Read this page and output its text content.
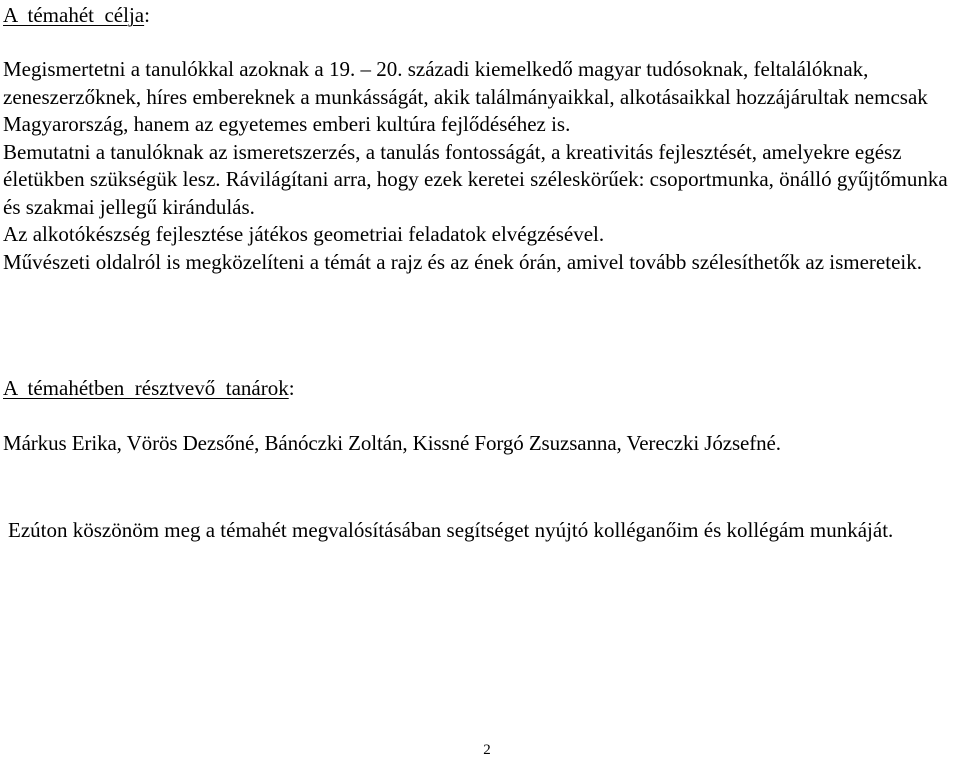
A  témahét  célja:

Megismertetni a tanulókkal azoknak a 19. – 20. századi kiemelkedő magyar tudósoknak, feltalálóknak, zeneszerzőknek, híres embereknek a munkásságát, akik találmányaikkal, alkotásaikkal hozzájárultak nemcsak Magyarország, hanem az egyetemes emberi kultúra fejlődéséhez is.

Bemutatni a tanulóknak az ismeretszerzés, a tanulás fontosságát, a kreativitás fejlesztését, amelyekre egész életükben szükségük lesz. Rávilágítani arra, hogy ezek keretei széleskörűek: csoportmunka, önálló gyűjtőmunka és szakmai jellegű kirándulás.

Az alkotókészség fejlesztése játékos geometriai feladatok elvégzésével.

Művészeti oldalról is megközelíteni a témát a rajz és az ének órán, amivel tovább szélesíthetők az ismereteik.

A  témahétben  résztvevő  tanárok:
Márkus Erika, Vörös Dezsőné, Bánóczki Zoltán, Kissné Forgó Zsuzsanna, Vereczki Józsefné.
Ezúton köszönöm meg a témahét megvalósításában segítséget nyújtó kolléganőim és kollégám munkáját.
2
